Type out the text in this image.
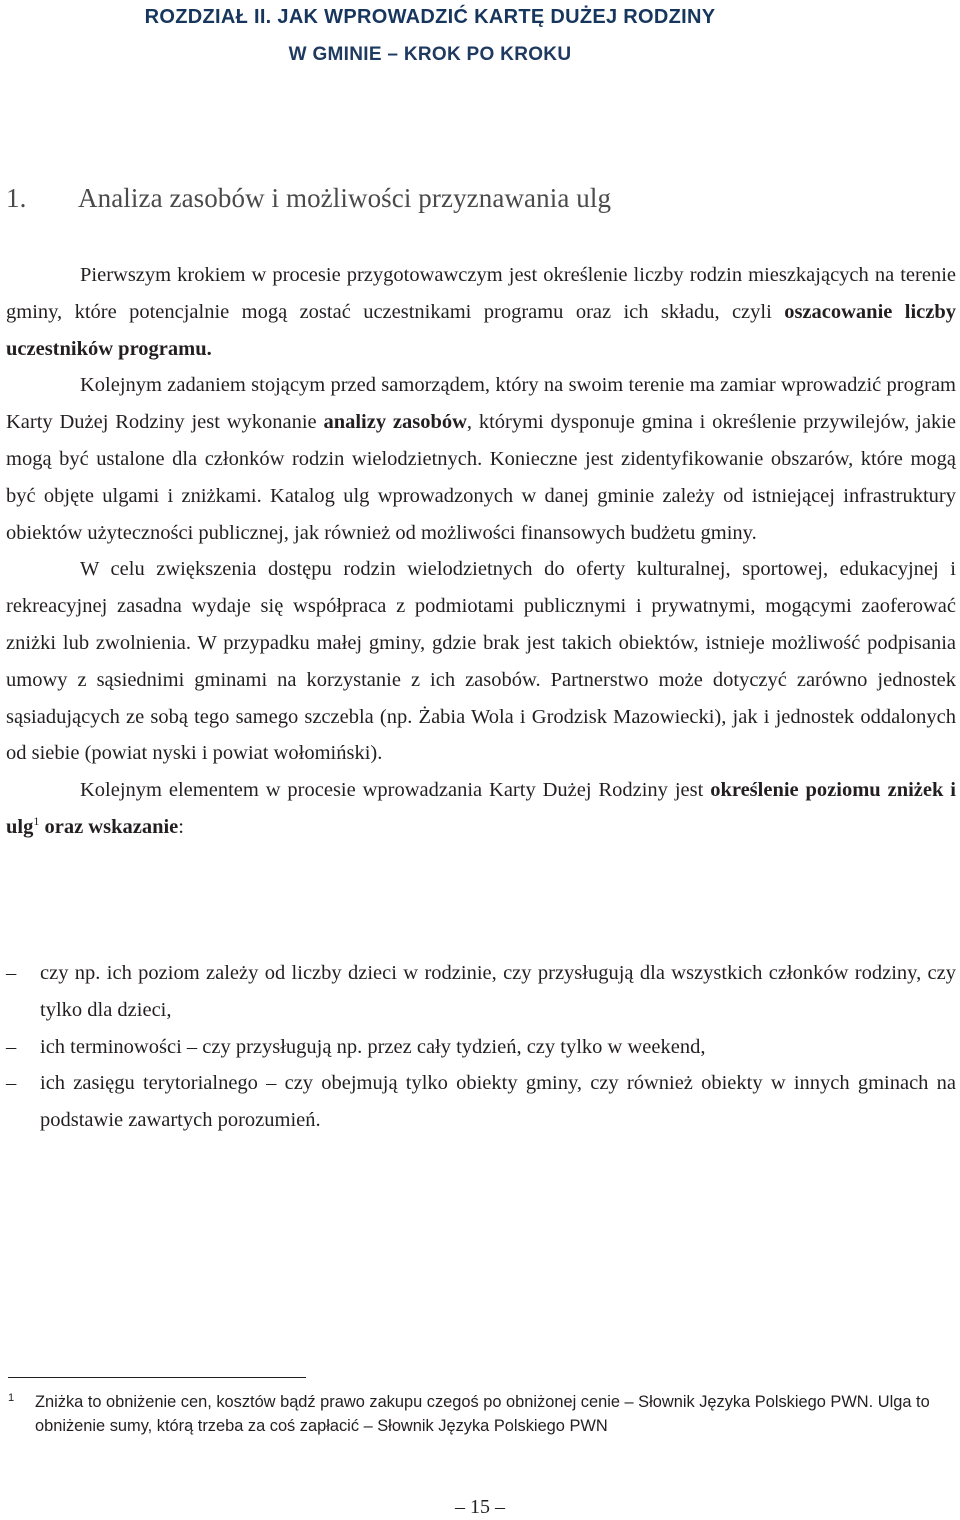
ROZDZIAŁ II. JAK WPROWADZIĆ KARTĘ DUŻEJ RODZINY
W GMINIE – KROK PO KROKU
1. Analiza zasobów i możliwości przyznawania ulg

Pierwszym krokiem w procesie przygotowawczym jest określenie liczby rodzin mieszkających na terenie gminy, które potencjalnie mogą zostać uczestnikami programu oraz ich składu, czyli oszacowanie liczby uczestników programu.

Kolejnym zadaniem stojącym przed samorządem, który na swoim terenie ma zamiar wprowadzić program Karty Dużej Rodziny jest wykonanie analizy zasobów, którymi dysponuje gmina i określenie przywilejów, jakie mogą być ustalone dla członków rodzin wielodzietnych. Konieczne jest zidentyfikowanie obszarów, które mogą być objęte ulgami i zniżkami. Katalog ulg wprowadzonych w danej gminie zależy od istniejącej infrastruktury obiektów użyteczności publicznej, jak również od możliwości finansowych budżetu gminy.

W celu zwiększenia dostępu rodzin wielodzietnych do oferty kulturalnej, sportowej, edukacyjnej i rekreacyjnej zasadna wydaje się współpraca z podmiotami publicznymi i prywatnymi, mogącymi zaoferować zniżki lub zwolnienia. W przypadku małej gminy, gdzie brak jest takich obiektów, istnieje możliwość podpisania umowy z sąsiednimi gminami na korzystanie z ich zasobów. Partnerstwo może dotyczyć zarówno jednostek sąsiadujących ze sobą tego samego szczebla (np. Żabia Wola i Grodzisk Mazowiecki), jak i jednostek oddalonych od siebie (powiat nyski i powiat wołomiński).

Kolejnym elementem w procesie wprowadzania Karty Dużej Rodziny jest określenie poziomu zniżek i ulg$^1$ oraz wskazanie:

– czy np. ich poziom zależy od liczby dzieci w rodzinie, czy przysługują dla wszystkich członków rodziny, czy tylko dla dzieci,
– ich terminowości – czy przysługują np. przez cały tydzień, czy tylko w weekend,
– ich zasięgu terytorialnego – czy obejmują tylko obiekty gminy, czy również obiekty w innych gminach na podstawie zawartych porozumień.
1 Zniżka to obniżenie cen, kosztów bądź prawo zakupu czegoś po obniżonej cenie – Słownik Języka Polskiego PWN. Ulga to obniżenie sumy, którą trzeba za coś zapłacić – Słownik Języka Polskiego PWN
– 15 –
